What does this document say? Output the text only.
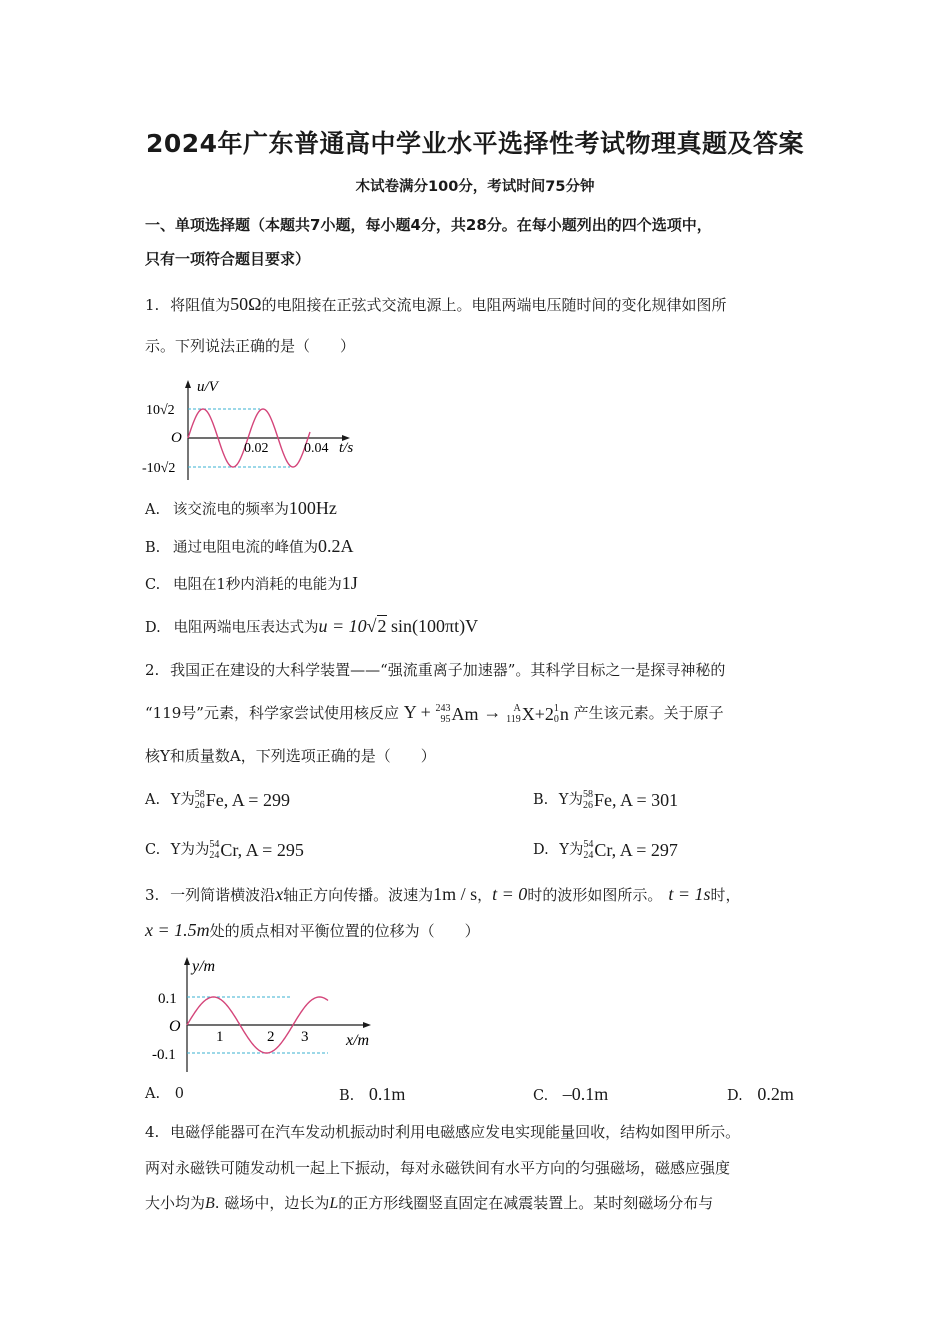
2024年广东普通高中学业水平选择性考试物理真题及答案
木试卷满分100分，考试时间75分钟
一、单项选择题（本题共7小题，每小题4分，共28分。在每小题列出的四个选项中，
只有一项符合题目要求）
1. 将阻值为50Ω的电阻接在正弦式交流电源上。电阻两端电压随时间的变化规律如图所
示。下列说法正确的是（　　）
u/V
O
10√2
-10√2
0.02	0.04 t/s
A. 该交流电的频率为100Hz
B. 通过电阻电流的峰值为0.2A
C. 电阻在1秒内消耗的电能为1J
D. 电阻两端电压表达式为u = 10√2 sin(100πt)V
2. 我国正在建设的大科学装置——“强流重离子加速器”。其科学目标之一是探寻神秘的
“119号”元素，科学家尝试使用核反应 Y + 243
95 Am →	A
119 X+2 1
0 n 产生该元素。关于原子
核Y和质量数A，下列选项正确的是（　　）
A. Y为 58
26 Fe, A = 299	B. Y为 58
26 Fe, A = 301
C. Y为为 54
24 Cr, A = 295	D. Y为 54
24 Cr, A = 297
3. 一列简谐横波沿x轴正方向传播。波速为1m / s，t = 0时的波形如图所示。 t = 1s时，
x = 1.5m处的质点相对平衡位置的位移为（　　）
y/m
O
0.1
-0.1
1	2 3 x/m
A. 0	B. 0.1m	C. –0.1m	D. 0.2m
4. 电磁俘能器可在汽车发动机振动时利用电磁感应发电实现能量回收，结构如图甲所示。
两对永磁铁可随发动机一起上下振动，每对永磁铁间有水平方向的匀强磁场，磁感应强度
大小均为B. 磁场中，边长为L的正方形线圈竖直固定在减震装置上。某时刻磁场分布与
